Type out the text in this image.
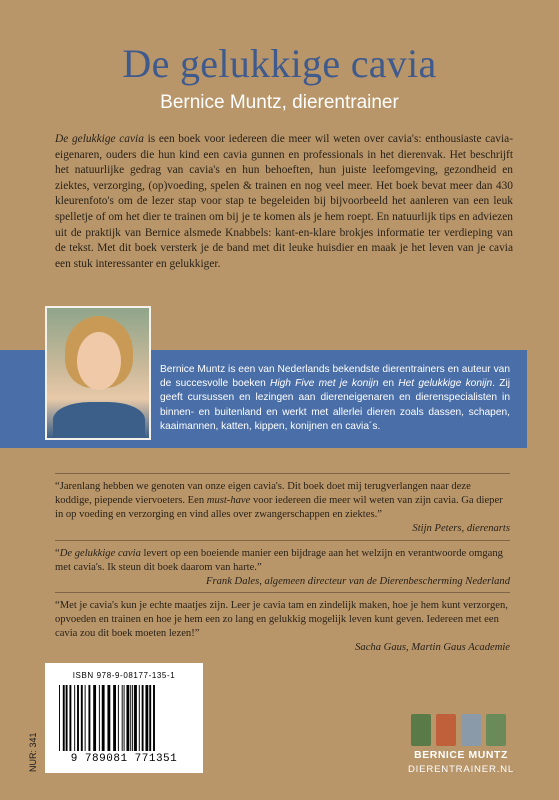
De gelukkige cavia
Bernice Muntz, dierentrainer
De gelukkige cavia is een boek voor iedereen die meer wil weten over cavia's: enthousiaste cavia-eigenaren, ouders die hun kind een cavia gunnen en professionals in het dierenvak. Het beschrijft het natuurlijke gedrag van cavia's en hun behoeften, hun juiste leefomgeving, gezondheid en ziektes, verzorging, (op)voeding, spelen & trainen en nog veel meer. Het boek bevat meer dan 430 kleurenfoto's om de lezer stap voor stap te begeleiden bij bijvoorbeeld het aanleren van een leuk spelletje of om het dier te trainen om bij je te komen als je hem roept. En natuurlijk tips en adviezen uit de praktijk van Bernice alsmede Knabbels: kant-en-klare brokjes informatie ter verdieping van de tekst. Met dit boek versterk je de band met dit leuke huisdier en maak je het leven van je cavia een stuk interessanter en gelukkiger.
Bernice Muntz is een van Nederlands bekendste dierentrainers en auteur van de succesvolle boeken High Five met je konijn en Het gelukkige konijn. Zij geeft cursussen en lezingen aan diereneigenaren en dierenspecialisten in binnen- en buitenland en werkt met allerlei dieren zoals dassen, schapen, kaaimannen, katten, kippen, konijnen en cavia´s.
“Jarenlang hebben we genoten van onze eigen cavia's. Dit boek doet mij terugverlangen naar deze koddige, piepende viervoeters. Een must-have voor iedereen die meer wil weten van zijn cavia. Ga dieper in op voeding en verzorging en vind alles over zwangerschappen en ziektes.”
Stijn Peters, dierenarts
“De gelukkige cavia levert op een boeiende manier een bijdrage aan het welzijn en verantwoorde omgang met cavia's. Ik steun dit boek daarom van harte.”
Frank Dales, algemeen directeur van de Dierenbescherming Nederland
“Met je cavia's kun je echte maatjes zijn. Leer je cavia tam en zindelijk maken, hoe je hem kunt verzorgen, opvoeden en trainen en hoe je hem een zo lang en gelukkig mogelijk leven kunt geven. Iedereen met een cavia zou dit boek moeten lezen!”
Sacha Gaus, Martin Gaus Academie
ISBN 978-9-08177-135-1
9 789081 771351
NUR: 341	BERNICE MUNTZ
DIERENTRAINER.NL
